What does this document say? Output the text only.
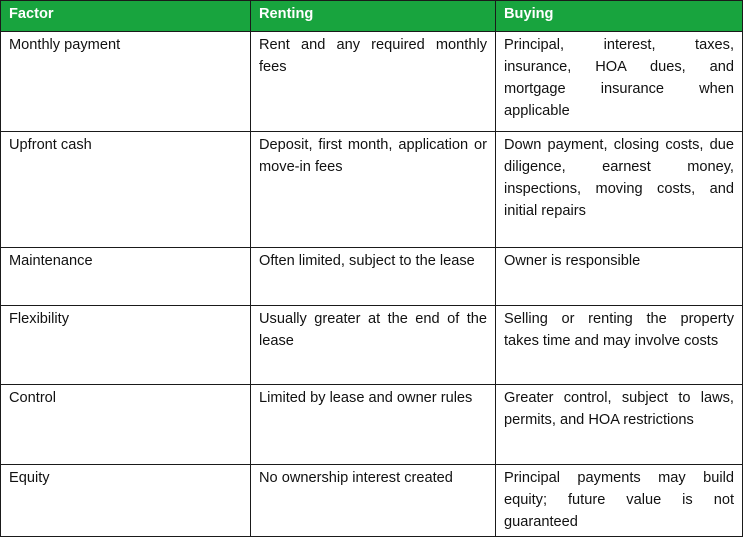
Factor	Renting	Buying
Monthly payment	Rent and any required monthly fees	Principal, interest, taxes, insurance, HOA dues, and mortgage insurance when applicable
Upfront cash	Deposit, first month, application or move-in fees	Down payment, closing costs, due diligence, earnest money, inspections, moving costs, and initial repairs
Maintenance	Often limited, subject to the lease	Owner is responsible
Flexibility	Usually greater at the end of the lease	Selling or renting the property takes time and may involve costs
Control	Limited by lease and owner rules	Greater control, subject to laws, permits, and HOA restrictions
Equity	No ownership interest created	Principal payments may build equity; future value is not guaranteed
